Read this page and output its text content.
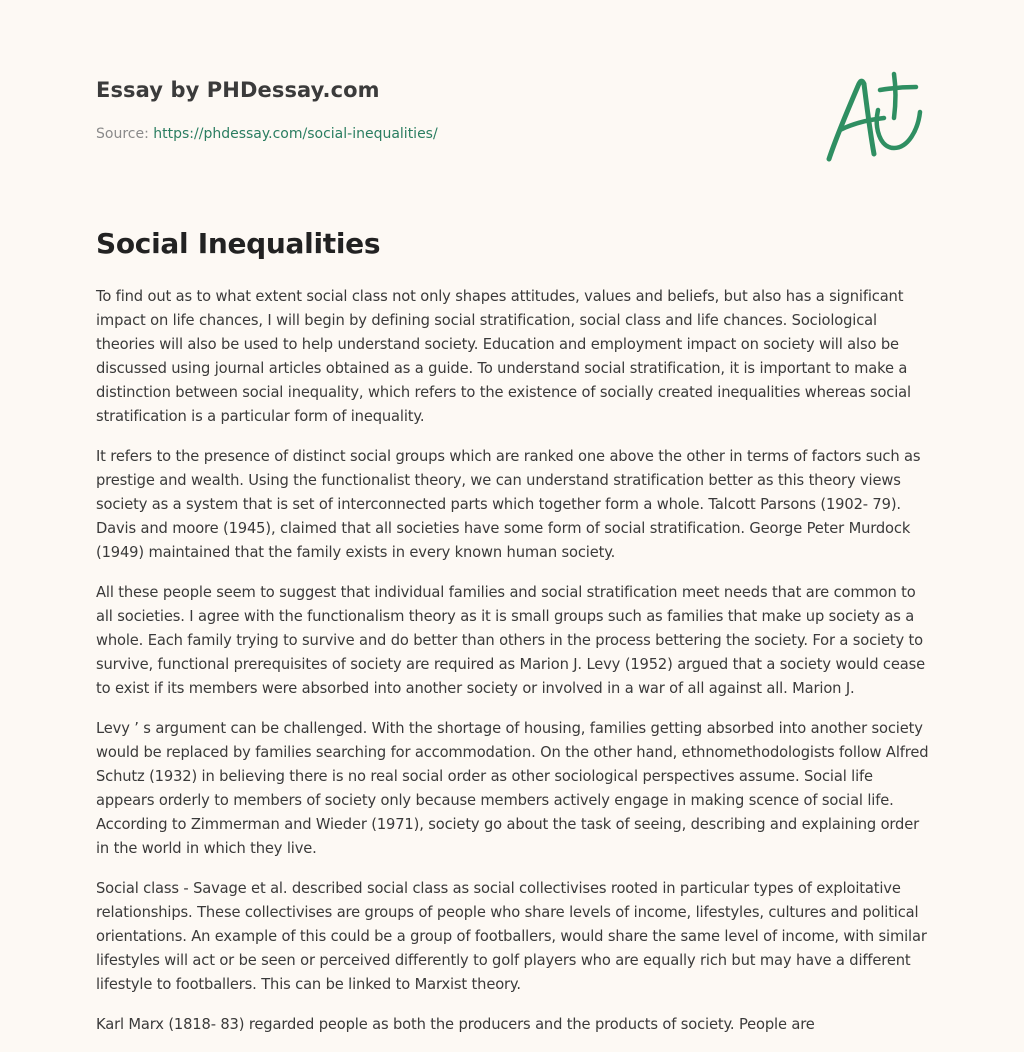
Essay by PHDessay.com
Source: https://phdessay.com/social-inequalities/
Social Inequalities

To find out as to what extent social class not only shapes attitudes, values and beliefs, but also has a significant impact on life chances, I will begin by defining social stratification, social class and life chances. Sociological theories will also be used to help understand society. Education and employment impact on society will also be discussed using journal articles obtained as a guide. To understand social stratification, it is important to make a distinction between social inequality, which refers to the existence of socially created inequalities whereas social stratification is a particular form of inequality.

It refers to the presence of distinct social groups which are ranked one above the other in terms of factors such as prestige and wealth. Using the functionalist theory, we can understand stratification better as this theory views society as a system that is set of interconnected parts which together form a whole. Talcott Parsons (1902- 79). Davis and moore (1945), claimed that all societies have some form of social stratification. George Peter Murdock (1949) maintained that the family exists in every known human society.

All these people seem to suggest that individual families and social stratification meet needs that are common to all societies. I agree with the functionalism theory as it is small groups such as families that make up society as a whole. Each family trying to survive and do better than others in the process bettering the society. For a society to survive, functional prerequisites of society are required as Marion J. Levy (1952) argued that a society would cease to exist if its members were absorbed into another society or involved in a war of all against all. Marion J.

Levy ’ s argument can be challenged. With the shortage of housing, families getting absorbed into another society would be replaced by families searching for accommodation. On the other hand, ethnomethodologists follow Alfred Schutz (1932) in believing there is no real social order as other sociological perspectives assume. Social life appears orderly to members of society only because members actively engage in making scence of social life. According to Zimmerman and Wieder (1971), society go about the task of seeing, describing and explaining order in the world in which they live.

Social class - Savage et al. described social class as social collectivises rooted in particular types of exploitative relationships. These collectivises are groups of people who share levels of income, lifestyles, cultures and political orientations. An example of this could be a group of footballers, would share the same level of income, with similar lifestyles will act or be seen or perceived differently to golf players who are equally rich but may have a different lifestyle to footballers. This can be linked to Marxist theory.

Karl Marx (1818- 83) regarded people as both the producers and the products of society. People are
